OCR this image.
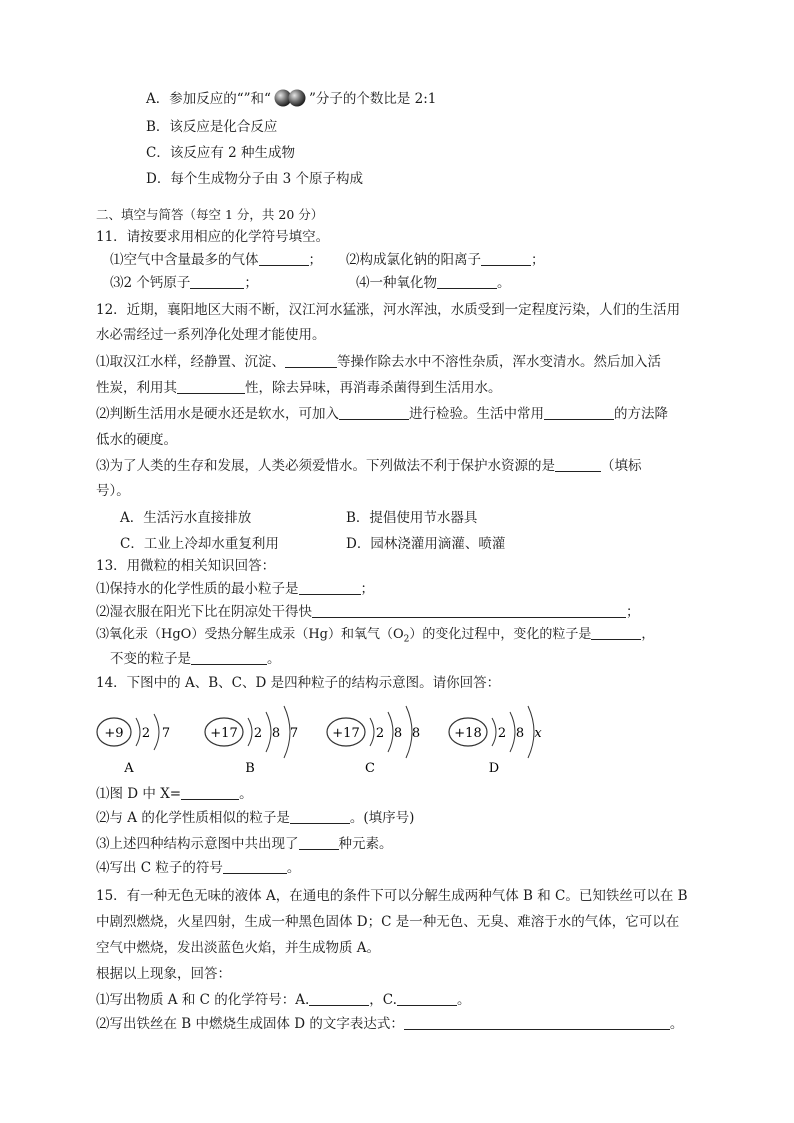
A．参加反应的“”和“	”分子的个数比是 2:1
B．该反应是化合反应
C．该反应有 2 种生成物
D．每个生成物分子由 3 个原子构成
二、填空与简答（每空 1 分，共 20 分）
11．请按要求用相应的化学符号填空。
⑴空气中含量最多的气体	； ⑵构成氯化钠的阳离子	；
⑶2 个钙原子	；	⑷一种氧化物	。
12．近期，襄阳地区大雨不断，汉江河水猛涨，河水浑浊，水质受到一定程度污染，人们的生活用
水必需经过一系列净化处理才能使用。
⑴取汉江水样，经静置、沉淀、	等操作除去水中不溶性杂质，浑水变清水。然后加入活
性炭，利用其	性，除去异味，再消毒杀菌得到生活用水。
⑵判断生活用水是硬水还是软水，可加入	进行检验。生活中常用	的方法降
低水的硬度。
⑶为了人类的生存和发展，人类必须爱惜水。下列做法不利于保护水资源的是	（填标
号）。
A．生活污水直接排放	B．提倡使用节水器具
C．工业上冷却水重复利用	D．园林浇灌用滴灌、喷灌
13．用微粒的相关知识回答：
⑴保持水的化学性质的最小粒子是	；
⑵湿衣服在阳光下比在阴凉处干得快	；
⑶氧化汞（HgO）受热分解生成汞（Hg）和氧气$(O_2)$的变化过程中，变化的粒子是	，
不变的粒子是	。
14．下图中的 A、B、C、D 是四种粒子的结构示意图。请你回答：
+9 2 7
A
+17 2 8 7
B
+17 2 8 8
C
+18 2 8 x
D
⑴图 D 中 X=	。
⑵与 A 的化学性质相似的粒子是	。(填序号)
⑶上述四种结构示意图中共出现了	种元素。
⑷写出 C 粒子的符号	。
15．有一种无色无味的液体 A，在通电的条件下可以分解生成两种气体 B 和 C。已知铁丝可以在 B
中剧烈燃烧，火星四射，生成一种黑色固体 D；C 是一种无色、无臭、难溶于水的气体，它可以在
空气中燃烧，发出淡蓝色火焰，并生成物质 A。
根据以上现象，回答：
⑴写出物质 A 和 C 的化学符号：A.	，C.	。
⑵写出铁丝在 B 中燃烧生成固体 D 的文字表达式：	。
